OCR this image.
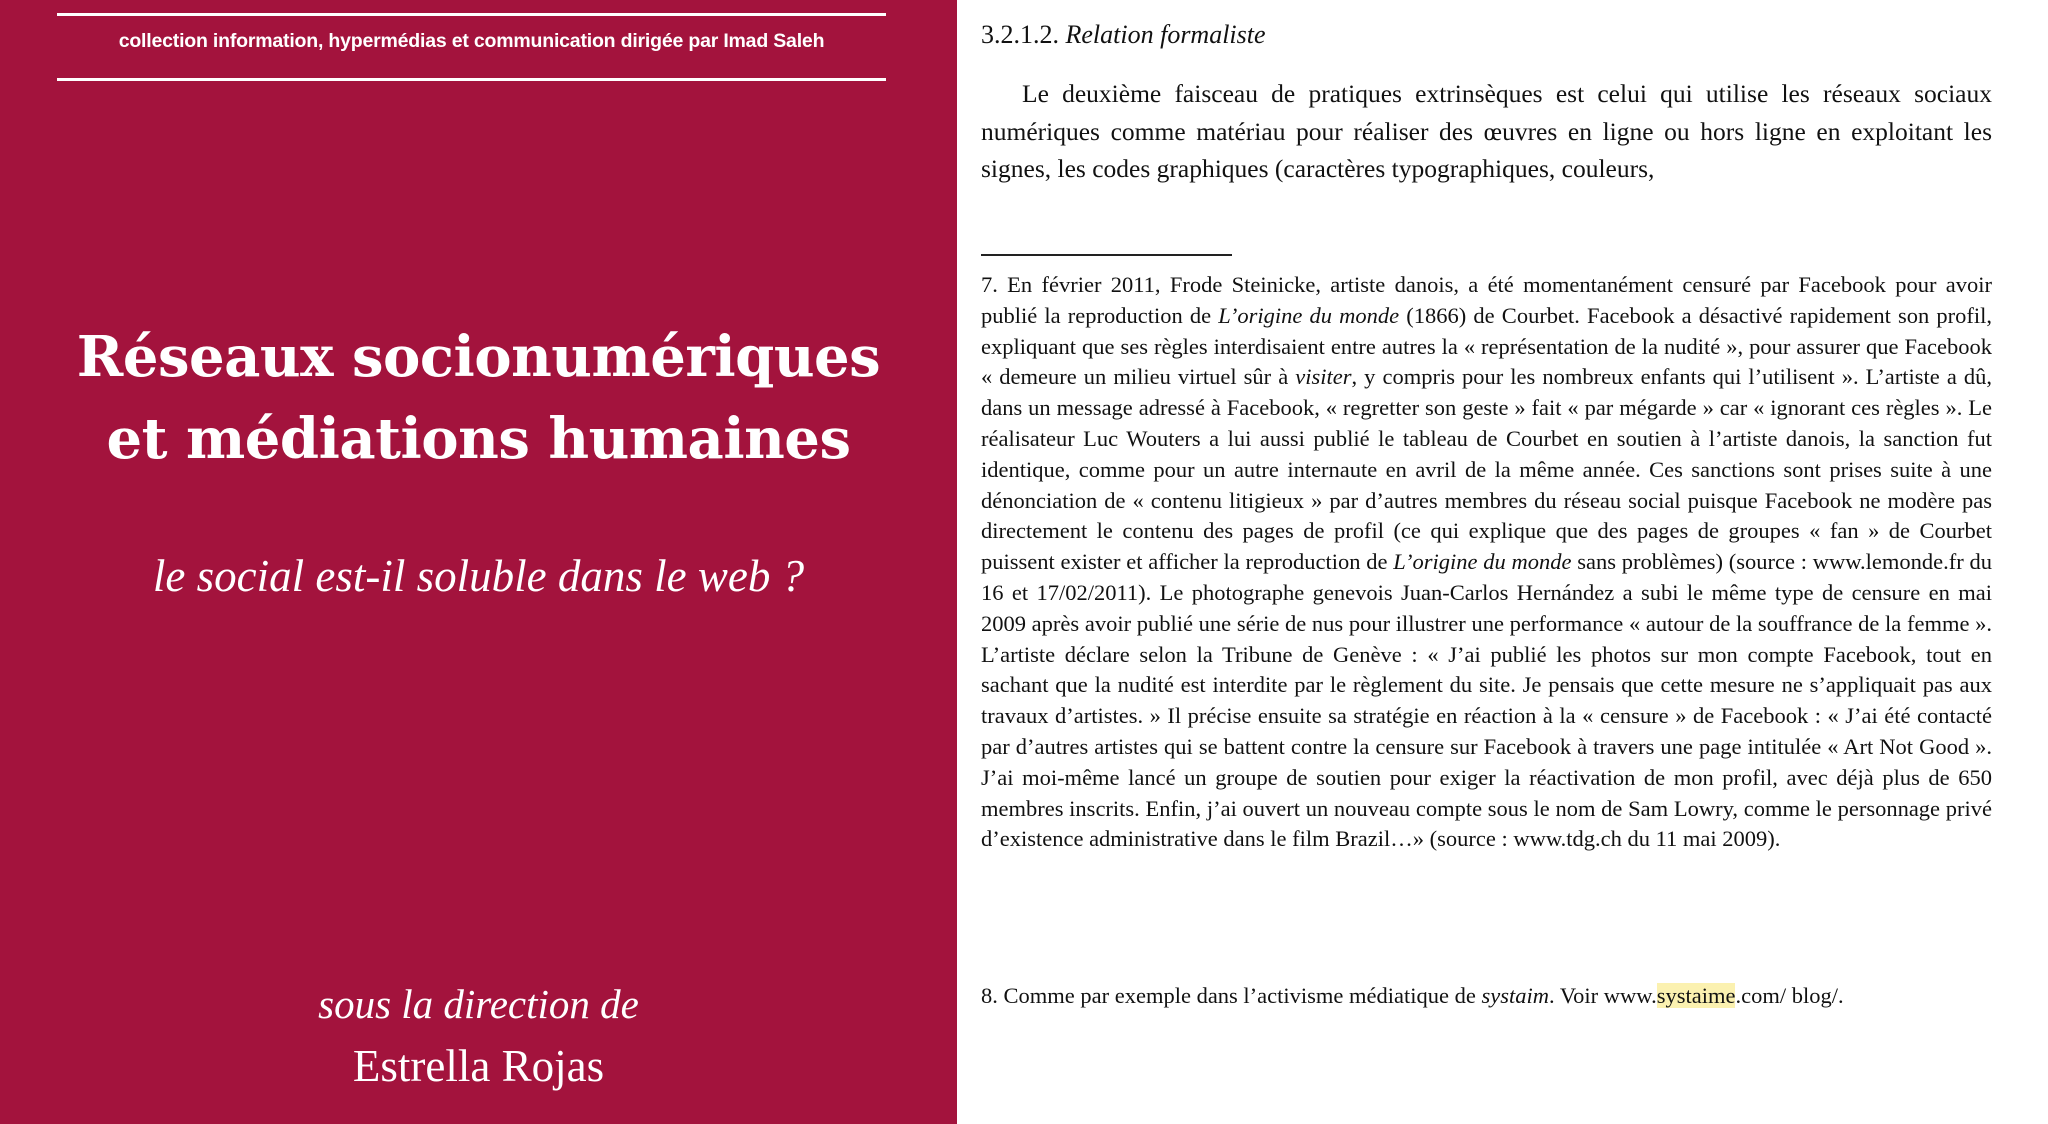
collection information, hypermédias et communication dirigée par Imad Saleh
Réseaux socionumériques
et médiations humaines
le social est-il soluble dans le web ?
sous la direction de
Estrella Rojas
3.2.1.2. Relation formaliste

Le deuxième faisceau de pratiques extrinsèques est celui qui utilise les réseaux sociaux numériques comme matériau pour réaliser des œuvres en ligne ou hors ligne en exploitant les signes, les codes graphiques (caractères typographiques, couleurs,

7. En février 2011, Frode Steinicke, artiste danois, a été momentanément censuré par Facebook pour avoir publié la reproduction de L’origine du monde (1866) de Courbet. Facebook a désactivé rapidement son profil, expliquant que ses règles interdisaient entre autres la « représentation de la nudité », pour assurer que Facebook « demeure un milieu virtuel sûr à visiter, y compris pour les nombreux enfants qui l’utilisent ». L’artiste a dû, dans un message adressé à Facebook, « regretter son geste » fait « par mégarde » car « ignorant ces règles ». Le réalisateur Luc Wouters a lui aussi publié le tableau de Courbet en soutien à l’artiste danois, la sanction fut identique, comme pour un autre internaute en avril de la même année. Ces sanctions sont prises suite à une dénonciation de « contenu litigieux » par d’autres membres du réseau social puisque Facebook ne modère pas directement le contenu des pages de profil (ce qui explique que des pages de groupes « fan » de Courbet puissent exister et afficher la reproduction de L’origine du monde sans problèmes) (source : www.lemonde.fr du 16 et 17/02/2011). Le photographe genevois Juan-Carlos Hernández a subi le même type de censure en mai 2009 après avoir publié une série de nus pour illustrer une performance « autour de la souffrance de la femme ». L’artiste déclare selon la Tribune de Genève : « J’ai publié les photos sur mon compte Facebook, tout en sachant que la nudité est interdite par le règlement du site. Je pensais que cette mesure ne s’appliquait pas aux travaux d’artistes. » Il précise ensuite sa stratégie en réaction à la « censure » de Facebook : « J’ai été contacté par d’autres artistes qui se battent contre la censure sur Facebook à travers une page intitulée « Art Not Good ». J’ai moi-même lancé un groupe de soutien pour exiger la réactivation de mon profil, avec déjà plus de 650 membres inscrits. Enfin, j’ai ouvert un nouveau compte sous le nom de Sam Lowry, comme le personnage privé d’existence administrative dans le film Brazil…» (source : www.tdg.ch du 11 mai 2009).

8. Comme par exemple dans l’activisme médiatique de systaim. Voir www.systaime.com/ blog/.
